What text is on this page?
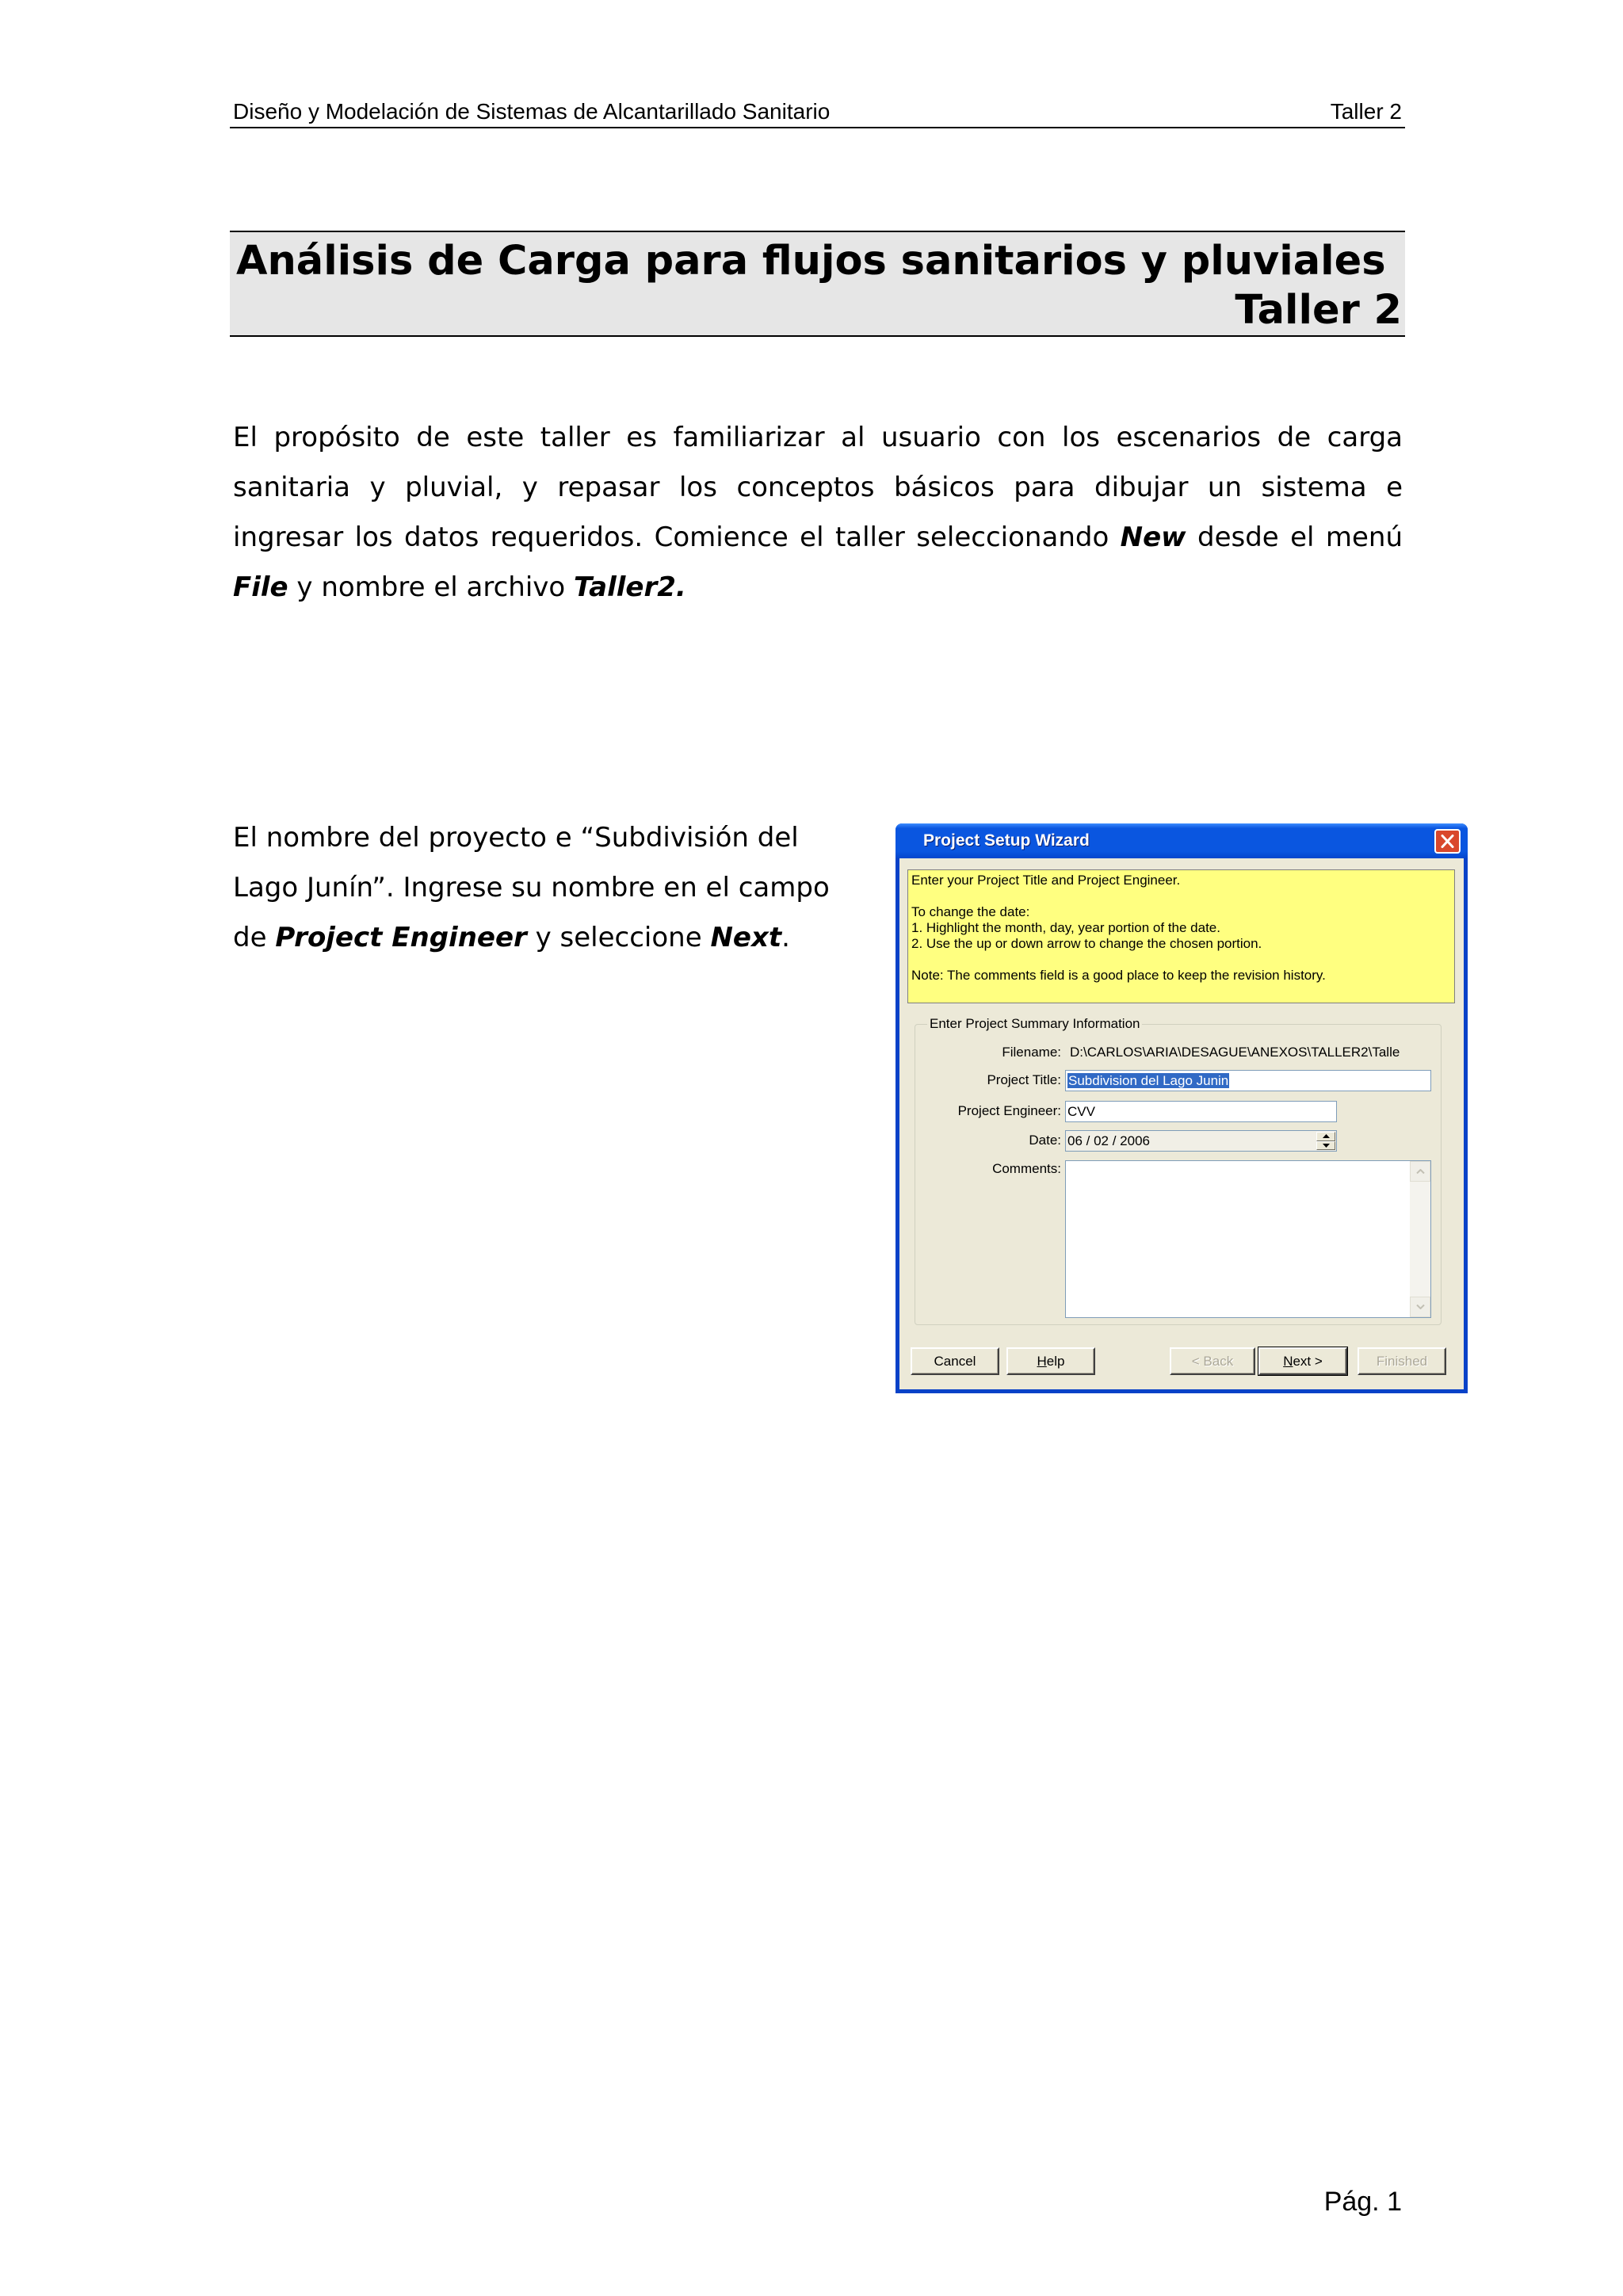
Diseño y Modelación de Sistemas de Alcantarillado Sanitario	Taller 2
Análisis de Carga para flujos sanitarios y pluviales
Taller 2
El propósito de este taller es familiarizar al usuario con los escenarios de carga
sanitaria y pluvial, y repasar los conceptos básicos para dibujar un sistema e
ingresar los datos requeridos. Comience el taller seleccionando New desde el menú
File y nombre el archivo Taller2.
El nombre del proyecto e “Subdivisión del
Lago Junín”. Ingrese su nombre en el campo
de Project Engineer y seleccione Next.
Project Setup Wizard
Enter your Project Title and Project Engineer.
To change the date:
1. Highlight the month, day, year portion of the date.
2. Use the up or down arrow to change the chosen portion.
Note: The comments field is a good place to keep the revision history.
Enter Project Summary Information
Filename: D:\CARLOS\ARIA\DESAGUE\ANEXOS\TALLER2\Talle
Project Title: Subdivision del Lago Junin
Project Engineer: CVV
Date: 06 / 02 / 2006
Comments:
Cancel	Help	< Back	Next >	Finished
Pág. 1
